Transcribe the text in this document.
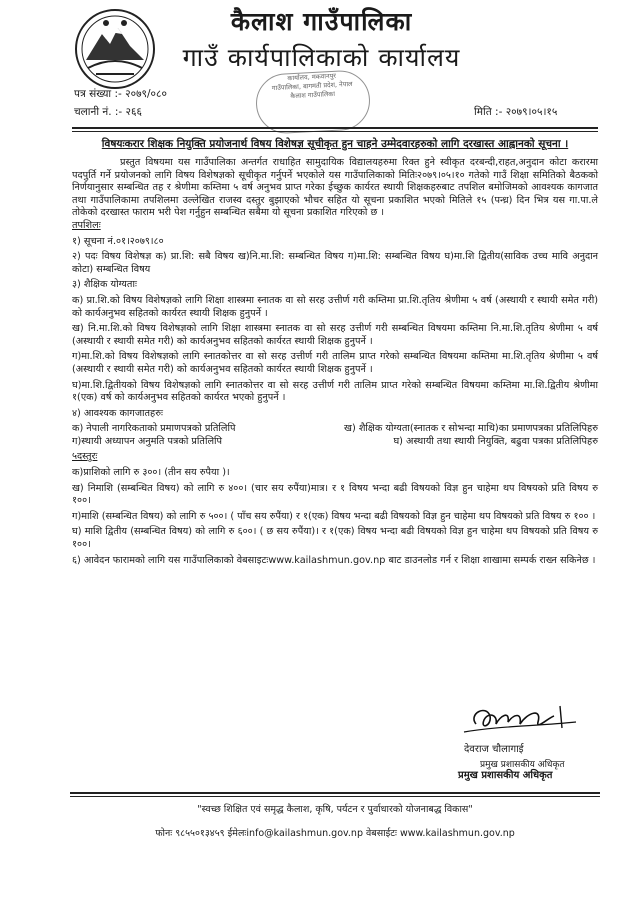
कैलाश गाउँपालिका
गाउँ कार्यपालिकाको कार्यालय
पत्र संख्या :- २०७९/०८०
चलानी नं. :- २६६	मिति :- २०७९।०५।१५
कार्यालय, मकवानपुर
गाउँपालिका, बागमती प्रदेश, नेपाल
कैलाश गाउँपालिका
विषयःकरार शिक्षक नियुक्ति प्रयोजनार्थ विषय विशेषज्ञ सूचीकृत हुन चाहने उम्मेदवारहरुको लागि दरखास्त आह्वानको सूचना ।

प्रस्तुत विषयमा यस गाउँपालिका अन्तर्गत राधाहित सामुदायिक विद्यालयहरुमा रिक्त हुने स्वीकृत दरबन्दी,राहत,अनुदान कोटा करारमा पदपुर्ति गर्ने प्रयोजनको लागि विषय विशेषज्ञको सूचीकृत गर्नुपर्ने भएकोले यस गाउँपालिकाको मितिः२०७९।०५।१० गतेको गाउँ शिक्षा समितिको बैठकको निर्णयानुसार सम्बन्धित तह र श्रेणीमा कम्तिमा ५ वर्ष अनुभव प्राप्त गरेका ईच्छुक कार्यरत स्थायी शिक्षकहरुबाट तपशिल बमोजिमको आवश्यक कागजात तथा गाउँपालिकामा तपशिलमा उल्लेखित राजस्व दस्तुर बुझाएको भौचर सहित यो सूचना प्रकाशित भएको मितिले १५ (पन्ध्र) दिन भित्र यस गा.पा.ले तोकेको दरखास्त फाराम भरी पेश गर्नुहुन सम्बन्धित सबैमा यो सूचना प्रकाशित गरिएको छ ।

तपशिलः

१) सूचना नं.०१।२०७९।८०

२) पदः विषय विशेषज्ञ क) प्रा.शि: सबै विषय ख)नि.मा.शि: सम्बन्धित विषय ग)मा.शि: सम्बन्धित विषय घ)मा.शि द्वितीय(साविक उच्च मावि अनुदान कोटा) सम्बन्धित विषय

३) शैक्षिक योग्यताः

क) प्रा.शि.को विषय विशेषज्ञको लागि शिक्षा शास्त्रमा स्नातक वा सो सरह उत्तीर्ण गरी कम्तिमा प्रा.शि.तृतिय श्रेणीमा ५ वर्ष (अस्थायी र स्थायी समेत गरी) को कार्यअनुभव सहितको कार्यरत स्थायी शिक्षक हुनुपर्ने ।

ख) नि.मा.शि.को विषय विशेषज्ञको लागि शिक्षा शास्त्रमा स्नातक वा सो सरह उत्तीर्ण गरी सम्बन्धित विषयमा कम्तिमा नि.मा.शि.तृतिय श्रेणीमा ५ वर्ष (अस्थायी र स्थायी समेत गरी) को कार्यअनुभव सहितको कार्यरत स्थायी शिक्षक हुनुपर्ने ।

ग)मा.शि.को विषय विशेषज्ञको लागि स्नातकोत्तर वा सो सरह उत्तीर्ण गरी तालिम प्राप्त गरेको सम्बन्धित विषयमा कम्तिमा मा.शि.तृतिय श्रेणीमा ५ वर्ष (अस्थायी र स्थायी समेत गरी) को कार्यअनुभव सहितको कार्यरत स्थायी शिक्षक हुनुपर्ने ।

घ)मा.शि.द्वितीयको विषय विशेषज्ञको लागि स्नातकोत्तर वा सो सरह उत्तीर्ण गरी तालिम प्राप्त गरेको सम्बन्धित विषयमा कम्तिमा मा.शि.द्वितीय श्रेणीमा १(एक) वर्ष को कार्यअनुभव सहितको कार्यरत भएको हुनुपर्ने ।

४) आवश्यक कागजातहरुः

क) नेपाली नागरिकताको प्रमाणपत्रको प्रतिलिपि	ख) शैक्षिक योग्यता(स्नातक र सोभन्दा माथि)का प्रमाणपत्रका प्रतिलिपिहरु
ग)स्थायी अध्यापन अनुमति पत्रको प्रतिलिपि	घ) अस्थायी तथा स्थायी नियुक्ति, बढुवा पत्रका प्रतिलिपिहरु

५दस्तुरः

क)प्राशिको लागि रु ३००। (तीन सय रुपैया )।

ख) निमाशि (सम्बन्धित विषय) को लागि रु ४००। (चार सय रुपैंया)मात्र। र १ विषय भन्दा बढी विषयको विज्ञ हुन चाहेमा थप विषयको प्रति विषय रु १००।

ग)माशि (सम्बन्धित विषय) को लागि रु ५००। ( पाँच सय रुपैंया) र १(एक) विषय भन्दा बढी विषयको विज्ञ हुन चाहेमा थप विषयको प्रति विषय रु १०० ।

घ) माशि द्वितीय (सम्बन्धित विषय) को लागि रु ६००। ( छ सय रुपैंया)। र १(एक) विषय भन्दा बढी विषयको विज्ञ हुन चाहेमा थप विषयको प्रति विषय रु १००।

६) आवेदन फारामको लागि यस गाउँपालिकाको वेबसाइटःwww.kailashmun.gov.np बाट डाउनलोड गर्न र शिक्षा शाखामा सम्पर्क राख्न सकिनेछ ।

देवराज चौलागाई
प्रमुख प्रशासकीय अधिकृत
प्रमुख प्रशासकीय अधिकृत
"स्वच्छ शिक्षित एवं समृद्ध कैलाश, कृषि, पर्यटन र पुर्वाधारको योजनाबद्ध विकास"
फोनः ९८५५०१३४५९ ईमेलःinfo@kailashmun.gov.np वेबसाईटः www.kailashmun.gov.np
